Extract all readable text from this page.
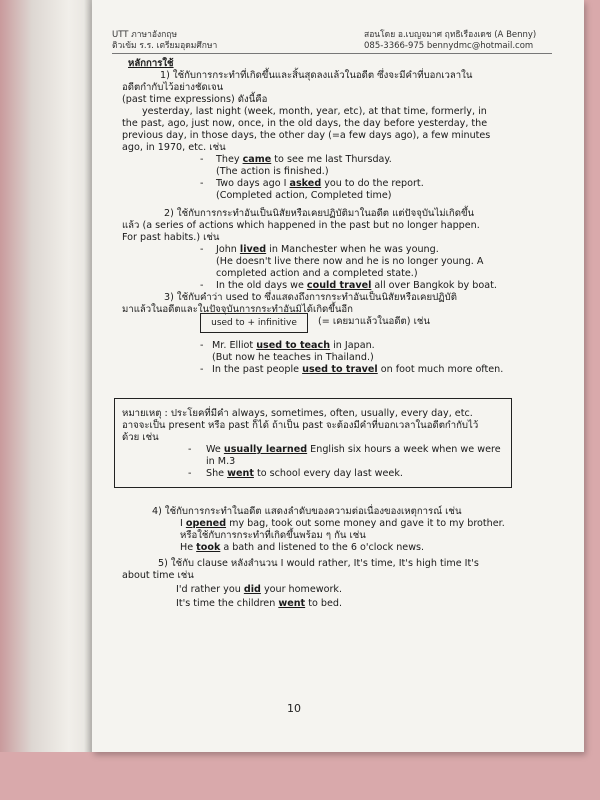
UTT ภาษาอังกฤษ
ติวเข้ม ร.ร. เตรียมอุดมศึกษา
สอนโดย อ.เบญจมาศ ฤทธิเรืองเดช (A Benny)
085-3366-975 bennydmc@hotmail.com
หลักการใช้
1) ใช้กับการกระทำที่เกิดขึ้นและสิ้นสุดลงแล้วในอดีต ซึ่งจะมีคำที่บอกเวลาใน
อดีตกำกับไว้อย่างชัดเจน
(past time expressions) ดังนี้คือ
yesterday, last night (week, month, year, etc), at that time, formerly, in
the past, ago, just now, once, in the old days, the day before yesterday, the
previous day, in those days, the other day (=a few days ago), a few minutes
ago, in 1970, etc. เช่น
- They came to see me last Thursday.
(The action is finished.)
- Two days ago I asked you to do the report.
(Completed action, Completed time)
2) ใช้กับการกระทำอันเป็นนิสัยหรือเคยปฏิบัติมาในอดีต แต่ปัจจุบันไม่เกิดขึ้น
แล้ว (a series of actions which happened in the past but no longer happen.
For past habits.) เช่น
- John lived in Manchester when he was young.
(He doesn't live there now and he is no longer young. A
completed action and a completed state.)
- In the old days we could travel all over Bangkok by boat.
3) ใช้กับคำว่า used to ซึ่งแสดงถึงการกระทำอันเป็นนิสัยหรือเคยปฏิบัติ
มาแล้วในอดีตและในปัจจุบันการกระทำอันมิได้เกิดขึ้นอีก
used to + infinitive	(= เคยมาแล้วในอดีต) เช่น
- Mr. Elliot used to teach in Japan.
(But now he teaches in Thailand.)
- In the past people used to travel on foot much more often.
หมายเหตุ : ประโยคที่มีคำ always, sometimes, often, usually, every day, etc.
อาจจะเป็น present หรือ past ก็ได้ ถ้าเป็น past จะต้องมีคำที่บอกเวลาในอดีตกำกับไว้
ด้วย เช่น
- We usually learned English six hours a week when we were
in M.3
- She went to school every day last week.
4) ใช้กับการกระทำในอดีต แสดงลำดับของความต่อเนื่องของเหตุการณ์ เช่น
I opened my bag, took out some money and gave it to my brother.
หรือใช้กับการกระทำที่เกิดขึ้นพร้อม ๆ กัน เช่น
He took a bath and listened to the 6 o'clock news.
5) ใช้กับ clause หลังสำนวน I would rather, It's time, It's high time It's
about time เช่น
I'd rather you did your homework.
It's time the children went to bed.
10
